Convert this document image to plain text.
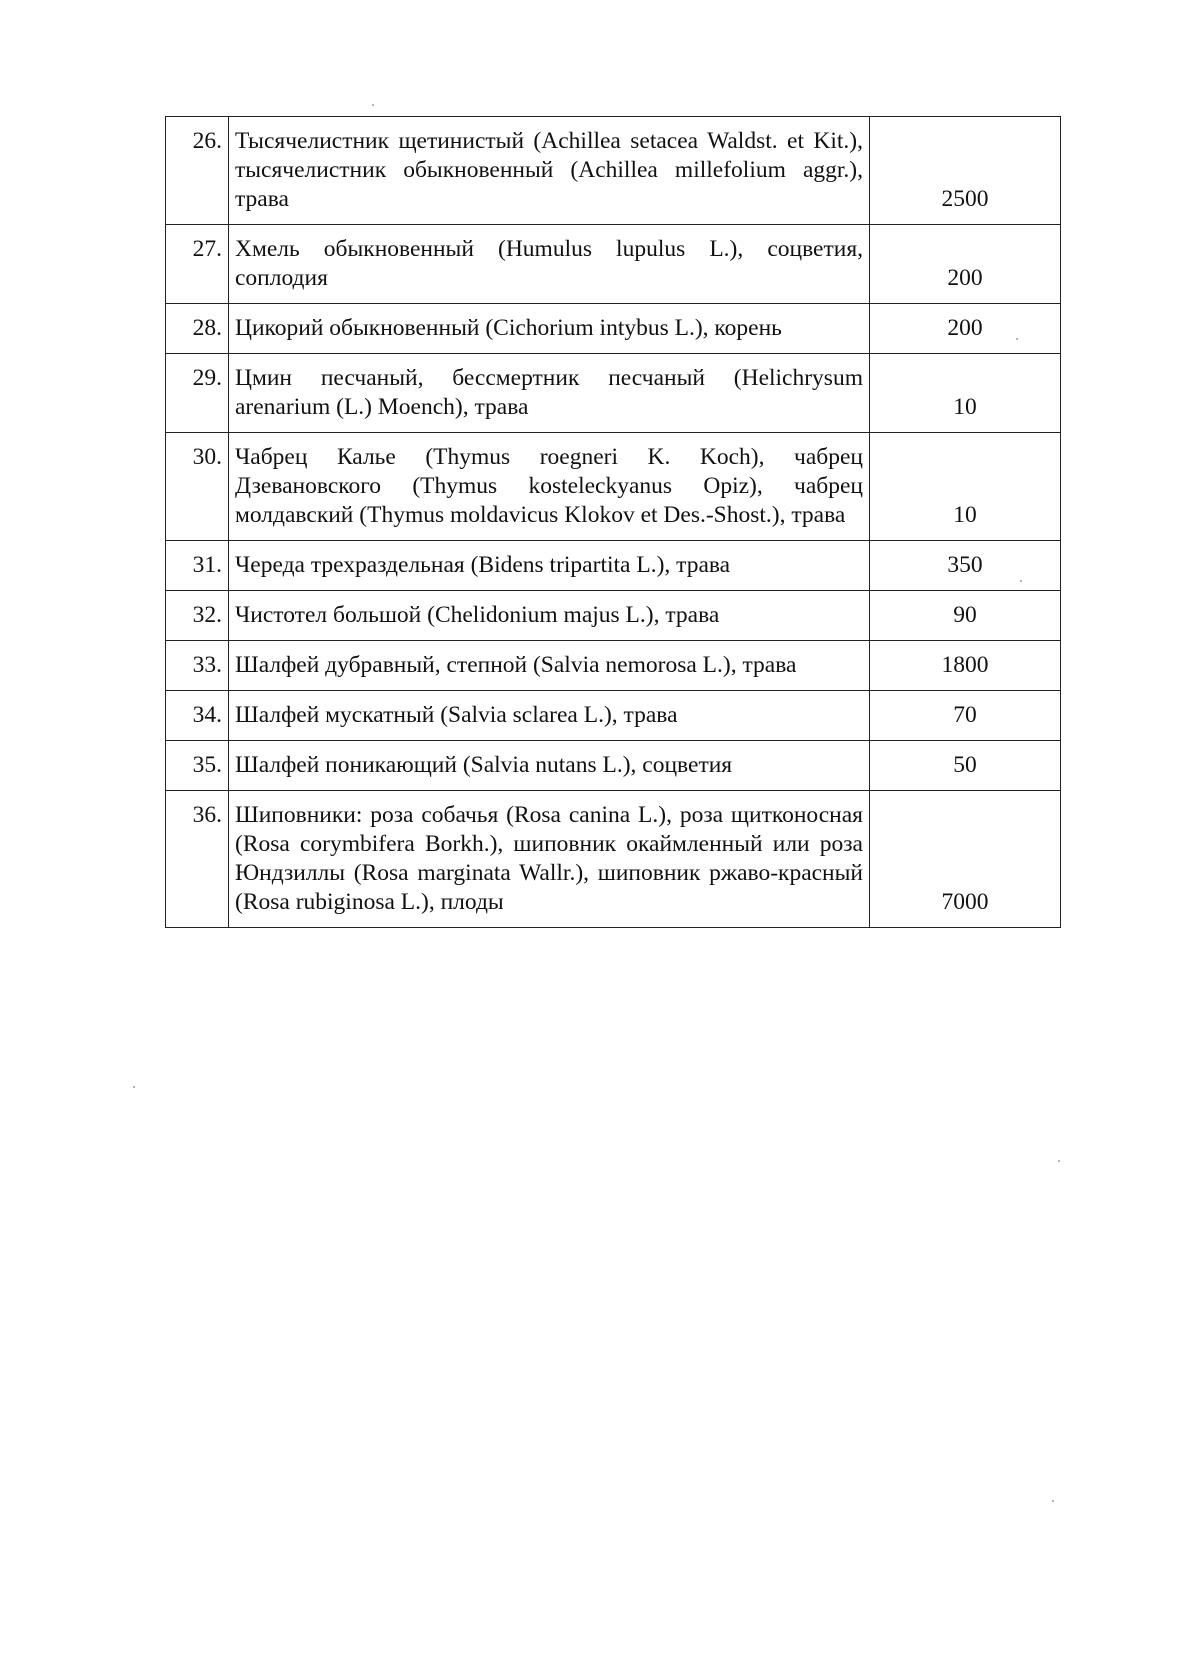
26.	Тысячелистник щетинистый (Achillea setacea Waldst. et Kit.), тысячелистник обыкновенный (Achillea millefolium aggr.), трава	2500
27.	Хмель обыкновенный (Humulus lupulus L.), соцветия, соплодия	200
28.	Цикорий обыкновенный (Cichorium intybus L.), корень	200
29.	Цмин песчаный, бессмертник песчаный (Helichrysum arenarium (L.) Moench), трава	10
30.	Чабрец Калье (Thymus roegneri K. Koch), чабрец Дзевановского (Thymus kosteleckyanus Opiz), чабрец молдавский (Thymus moldavicus Klokov et Des.-Shost.), трава	10
31.	Череда трехраздельная (Bidens tripartita L.), трава	350
32.	Чистотел большой (Chelidonium majus L.), трава	90
33.	Шалфей дубравный, степной (Salvia nemorosa L.), трава	1800
34.	Шалфей мускатный (Salvia sclarea L.), трава	70
35.	Шалфей поникающий (Salvia nutans L.), соцветия	50
36.	Шиповники: роза собачья (Rosa canina L.), роза щитконосная (Rosa corymbifera Borkh.), шиповник окаймленный или роза Юндзиллы (Rosa marginata Wallr.), шиповник ржаво-красный (Rosa rubiginosa L.), плоды	7000
